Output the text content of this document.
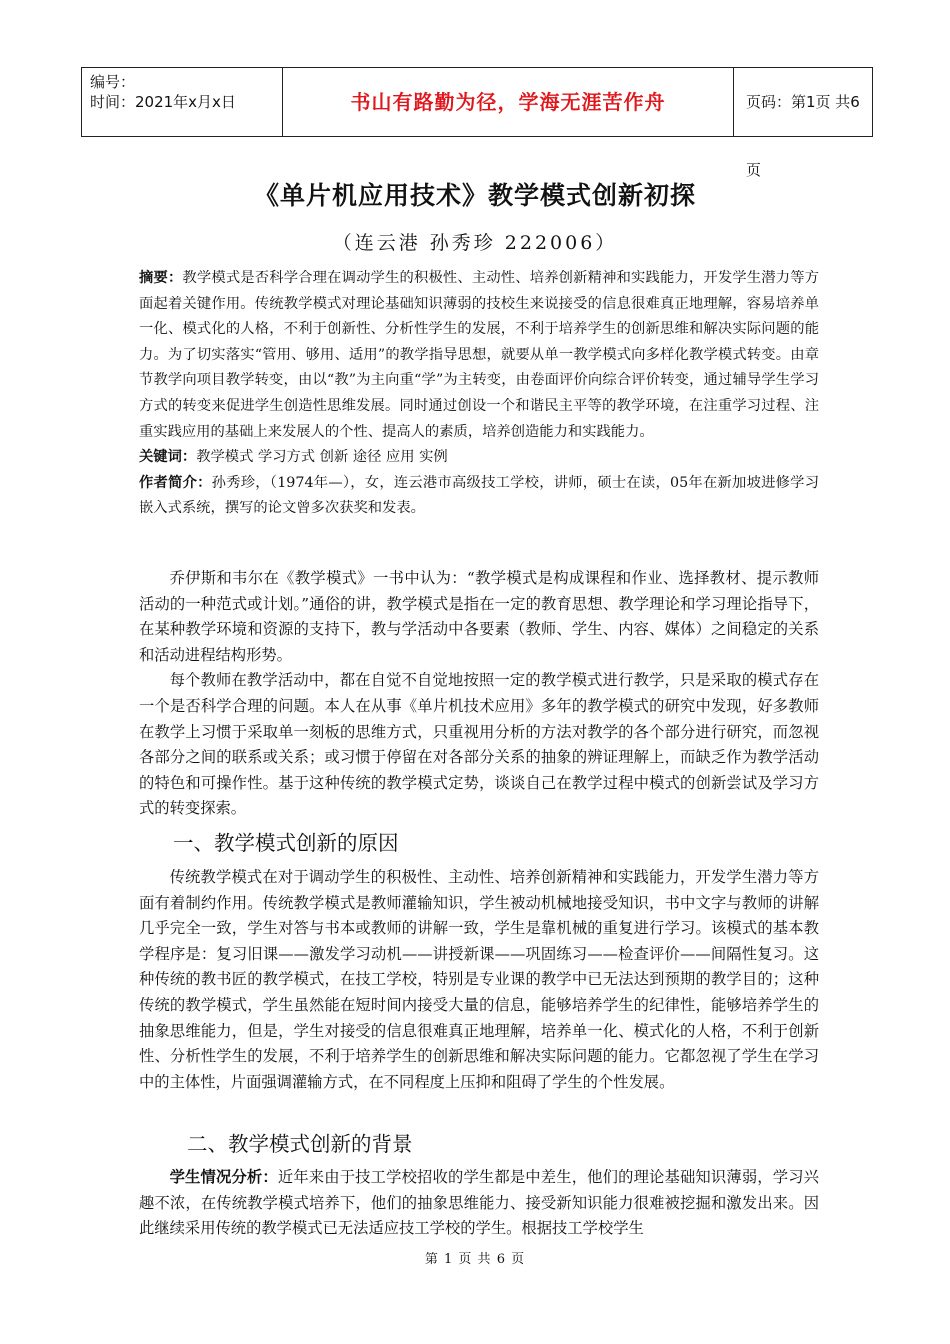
编号：
时间：2021年x月x日	书山有路勤为径，学海无涯苦作舟	页码：第1页 共6页
《单片机应用技术》教学模式创新初探
（连云港 孙秀珍 222006）

摘要：教学模式是否科学合理在调动学生的积极性、主动性、培养创新精神和实践能力，开发学生潜力等方面起着关键作用。传统教学模式对理论基础知识薄弱的技校生来说接受的信息很难真正地理解，容易培养单一化、模式化的人格，不利于创新性、分析性学生的发展，不利于培养学生的创新思维和解决实际问题的能力。为了切实落实“管用、够用、适用”的教学指导思想，就要从单一教学模式向多样化教学模式转变。由章节教学向项目教学转变，由以“教”为主向重“学”为主转变，由卷面评价向综合评价转变，通过辅导学生学习方式的转变来促进学生创造性思维发展。同时通过创设一个和谐民主平等的教学环境，在注重学习过程、注重实践应用的基础上来发展人的个性、提高人的素质，培养创造能力和实践能力。

关键词：教学模式 学习方式 创新 途径 应用 实例

作者简介：孙秀珍，（1974年—），女，连云港市高级技工学校，讲师，硕士在读，05年在新加坡进修学习嵌入式系统，撰写的论文曾多次获奖和发表。

乔伊斯和韦尔在《教学模式》一书中认为：“教学模式是构成课程和作业、选择教材、提示教师活动的一种范式或计划。”通俗的讲，教学模式是指在一定的教育思想、教学理论和学习理论指导下，在某种教学环境和资源的支持下，教与学活动中各要素（教师、学生、内容、媒体）之间稳定的关系和活动进程结构形势。

每个教师在教学活动中，都在自觉不自觉地按照一定的教学模式进行教学，只是采取的模式存在一个是否科学合理的问题。本人在从事《单片机技术应用》多年的教学模式的研究中发现，好多教师在教学上习惯于采取单一刻板的思维方式，只重视用分析的方法对教学的各个部分进行研究，而忽视各部分之间的联系或关系；或习惯于停留在对各部分关系的抽象的辨证理解上，而缺乏作为教学活动的特色和可操作性。基于这种传统的教学模式定势，谈谈自己在教学过程中模式的创新尝试及学习方式的转变探索。

一、教学模式创新的原因

传统教学模式在对于调动学生的积极性、主动性、培养创新精神和实践能力，开发学生潜力等方面有着制约作用。传统教学模式是教师灌输知识，学生被动机械地接受知识，书中文字与教师的讲解几乎完全一致，学生对答与书本或教师的讲解一致，学生是靠机械的重复进行学习。该模式的基本教学程序是：复习旧课——激发学习动机——讲授新课——巩固练习——检查评价——间隔性复习。这种传统的教书匠的教学模式，在技工学校，特别是专业课的教学中已无法达到预期的教学目的；这种传统的教学模式，学生虽然能在短时间内接受大量的信息，能够培养学生的纪律性，能够培养学生的抽象思维能力，但是，学生对接受的信息很难真正地理解，培养单一化、模式化的人格，不利于创新性、分析性学生的发展，不利于培养学生的创新思维和解决实际问题的能力。它都忽视了学生在学习中的主体性，片面强调灌输方式，在不同程度上压抑和阻碍了学生的个性发展。

二、教学模式创新的背景

学生情况分析：近年来由于技工学校招收的学生都是中差生，他们的理论基础知识薄弱，学习兴趣不浓，在传统教学模式培养下，他们的抽象思维能力、接受新知识能力很难被挖掘和激发出来。因此继续采用传统的教学模式已无法适应技工学校的学生。根据技工学校学生

第 1 页 共 6 页
